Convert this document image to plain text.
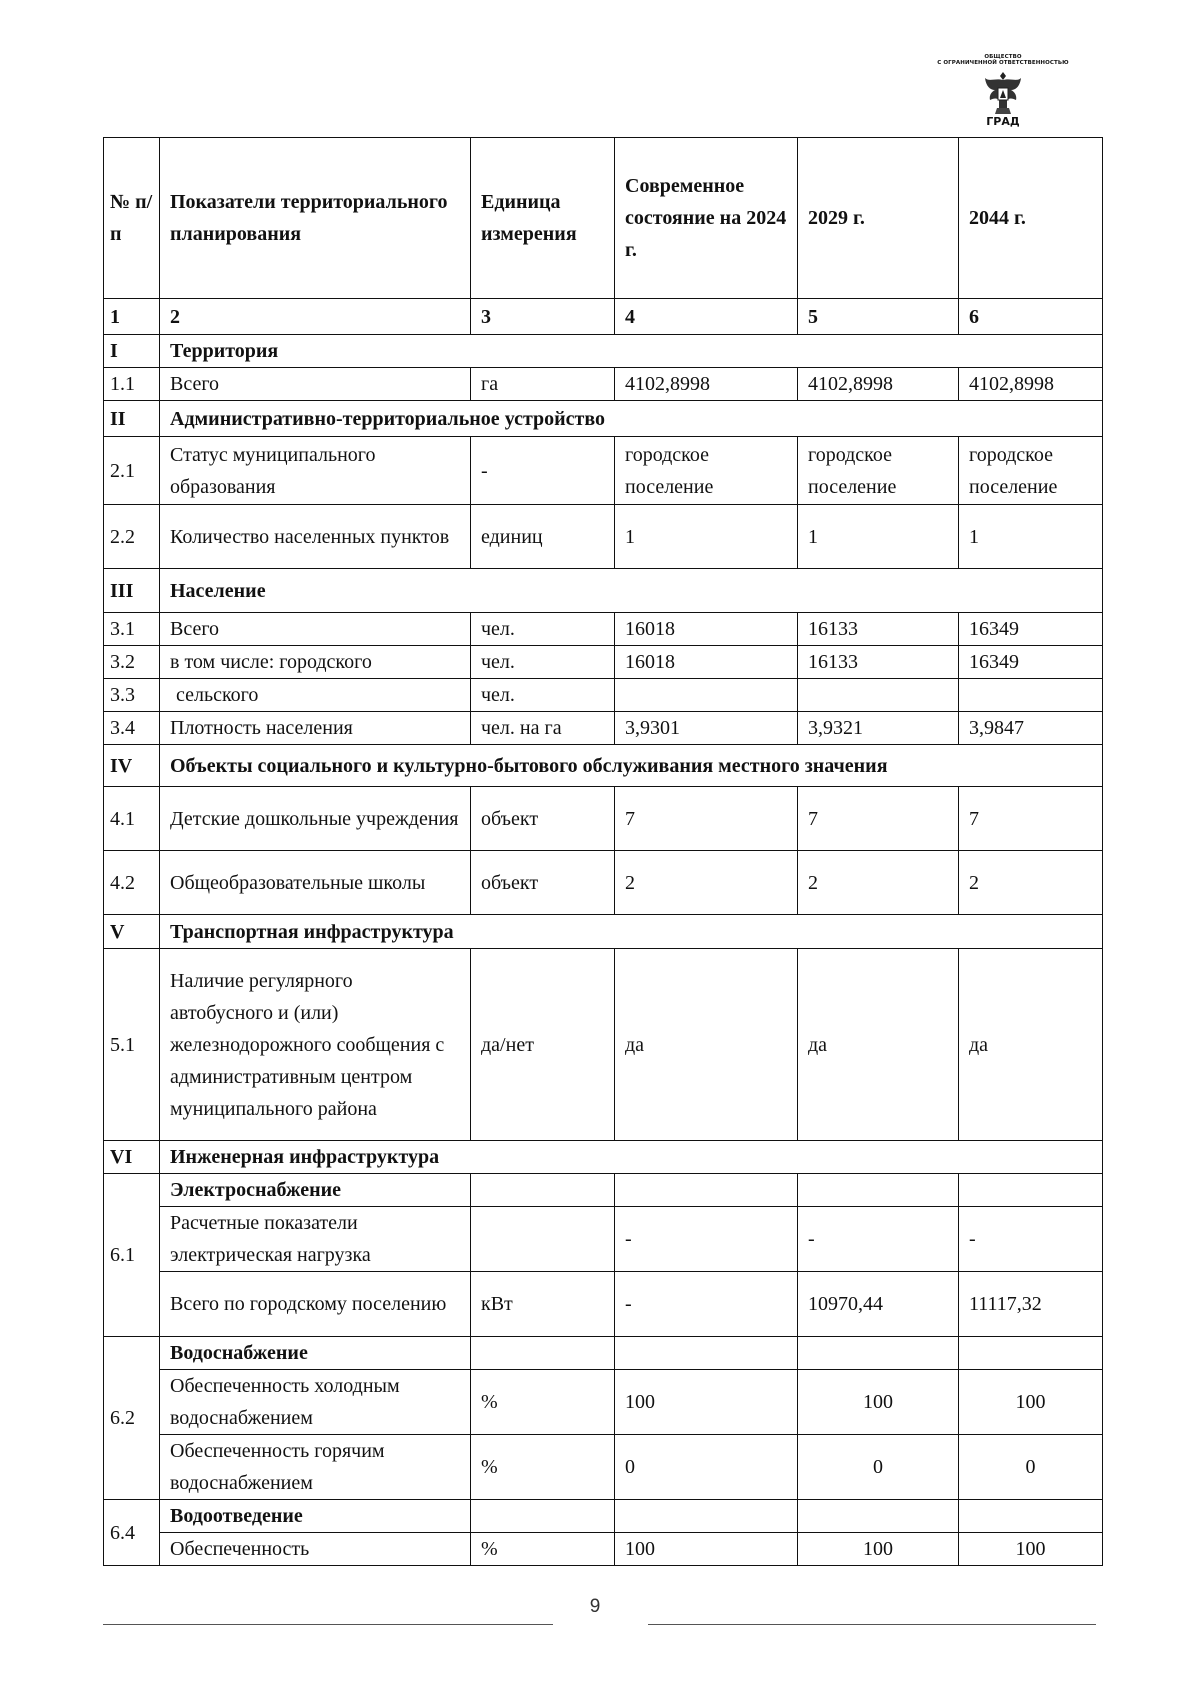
ОБЩЕСТВО
С ОГРАНИЧЕННОЙ ОТВЕТСТВЕННОСТЬЮ
ГРАД
№ п/п	Показатели территориального планирования	Единица измерения	Современное состояние на 2024 г.	2029 г.	2044 г.
1	2	3	4	5	6
I	Территория				
1.1	Всего	га	4102,8998	4102,8998	4102,8998
II	Административно-территориальное устройство				
2.1	Статус муниципального образования	-	городское поселение	городское поселение	городское поселение
2.2	Количество населенных пунктов	единиц	1	1	1
III	Население				
3.1	Всего	чел.	16018	16133	16349
3.2	в том числе: городского	чел.	16018	16133	16349
3.3	сельского	чел.			
3.4	Плотность населения	чел. на га	3,9301	3,9321	3,9847
IV	Объекты социального и культурно-бытового обслуживания местного значения				
4.1	Детские дошкольные учреждения	объект	7	7	7
4.2	Общеобразовательные школы	объект	2	2	2
V	Транспортная инфраструктура				
5.1	Наличие регулярного автобусного и (или) железнодорожного сообщения с административным центром муниципального района	да/нет	да	да	да
VI	Инженерная инфраструктура				
6.1	Электроснабжение				
	Расчетные показатели электрическая нагрузка		-	-	-
	Всего по городскому поселению	кВт	-	10970,44	11117,32
6.2	Водоснабжение				
	Обеспеченность холодным водоснабжением	%	100	100	100
	Обеспеченность горячим водоснабжением	%	0	0	0
6.4	Водоотведение				
	Обеспеченность	%	100	100	100
9
